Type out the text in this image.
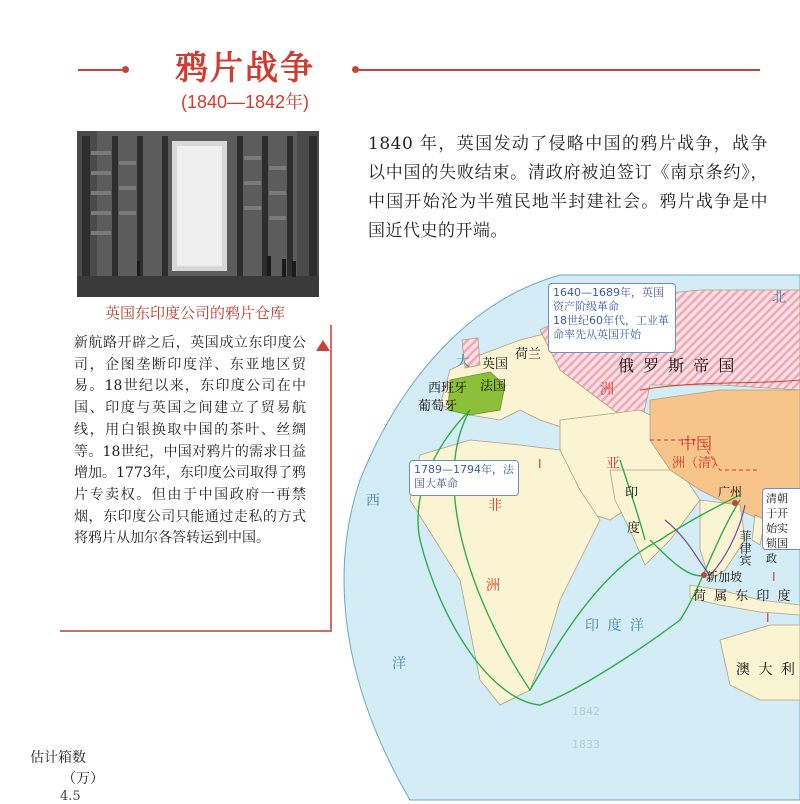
鸦片战争
(1840—1842年)
英国东印度公司的鸦片仓库
新航路开辟之后，英国成立东印度公司，企图垄断印度洋、东亚地区贸易。18世纪以来，东印度公司在中国、印度与英国之间建立了贸易航线，用白银换取中国的茶叶、丝绸等。18世纪，中国对鸦片的需求日益增加。1773年，东印度公司取得了鸦片专卖权。但由于中国政府一再禁烟，东印度公司只能通过走私的方式将鸦片从加尔各答转运到中国。
1840 年，英国发动了侵略中国的鸦片战争，战争以中国的失败结束。清政府被迫签订《南京条约》，中国开始沦为半殖民地半封建社会。鸦片战争是中国近代史的开端。
估计箱数
（万）
4.5
北
大
西
洋
印 度 洋
亚
洲
非
洲
英国
荷兰
西班牙 法国
葡萄牙
俄 罗 斯 帝 国
中国
洲（清）
印
度
广州
新加坡
荷 属 东 印 度
澳 大 利
菲律宾
I
I
I
1842
1833
1640—1689年，英国资产阶级革命
18世纪60年代，工业革命率先从英国开始
1789—1794年，法国大革命
清朝于开始实锁国政
